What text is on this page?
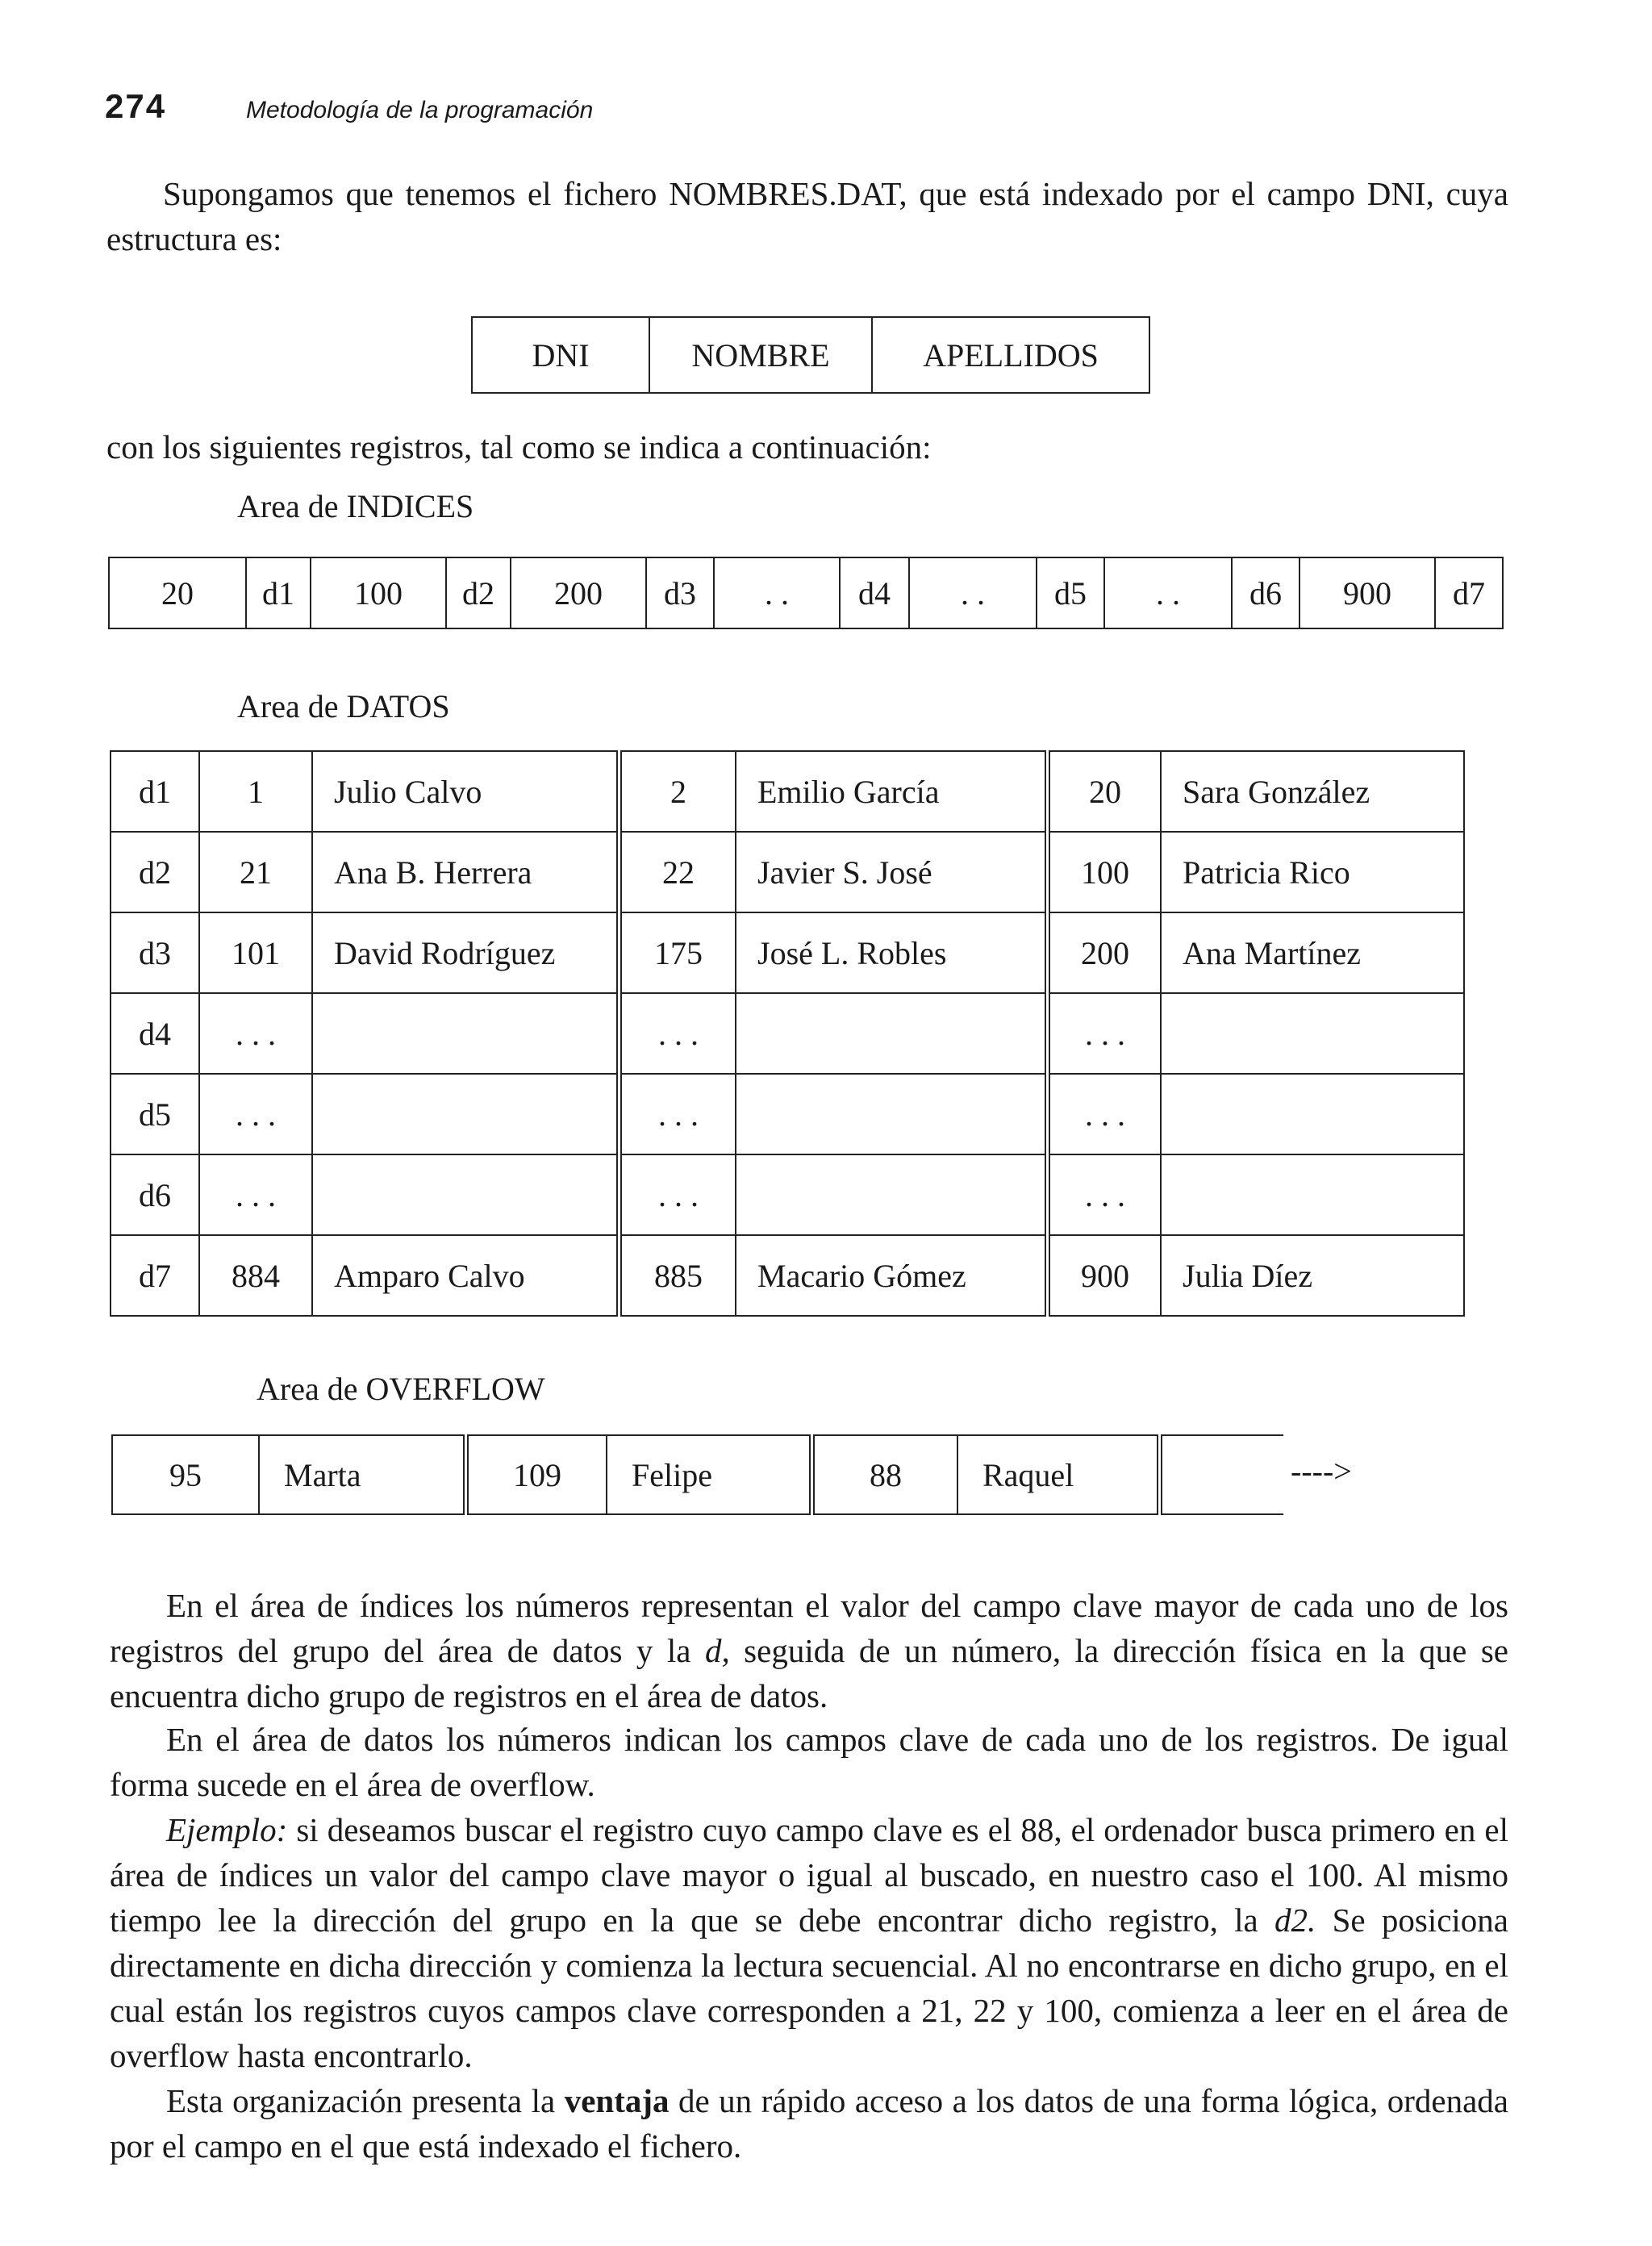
274	Metodología de la programación

Supongamos que tenemos el fichero NOMBRES.DAT, que está indexado por el campo DNI, cuya estructura es:

DNI	NOMBRE	APELLIDOS
con los siguientes registros, tal como se indica a continuación:
Area de INDICES
20	d1	100	d2	200	d3	. .	d4	. .	d5	. .	d6	900	d7
Area de DATOS
d1	1	Julio Calvo	2	Emilio García	20	Sara González
d2	21	Ana B. Herrera	22	Javier S. José	100	Patricia Rico
d3	101	David Rodríguez	175	José L. Robles	200	Ana Martínez
d4	. . .		. . .		. . .	
d5	. . .		. . .		. . .	
d6	. . .		. . .		. . .	
d7	884	Amparo Calvo	885	Macario Gómez	900	Julia Díez
Area de OVERFLOW
95	Marta	109	Felipe	88	Raquel		---->

En el área de índices los números representan el valor del campo clave mayor de cada uno de los registros del grupo del área de datos y la d, seguida de un número, la dirección física en la que se encuentra dicho grupo de registros en el área de datos.

En el área de datos los números indican los campos clave de cada uno de los registros. De igual forma sucede en el área de overflow.

Ejemplo: si deseamos buscar el registro cuyo campo clave es el 88, el ordenador busca primero en el área de índices un valor del campo clave mayor o igual al buscado, en nuestro caso el 100. Al mismo tiempo lee la dirección del grupo en la que se debe encontrar dicho registro, la d2. Se posiciona directamente en dicha dirección y comienza la lectura secuencial. Al no encontrarse en dicho grupo, en el cual están los registros cuyos campos clave corresponden a 21, 22 y 100, comienza a leer en el área de overflow hasta encontrarlo.

Esta organización presenta la ventaja de un rápido acceso a los datos de una forma lógica, ordenada por el campo en el que está indexado el fichero.
